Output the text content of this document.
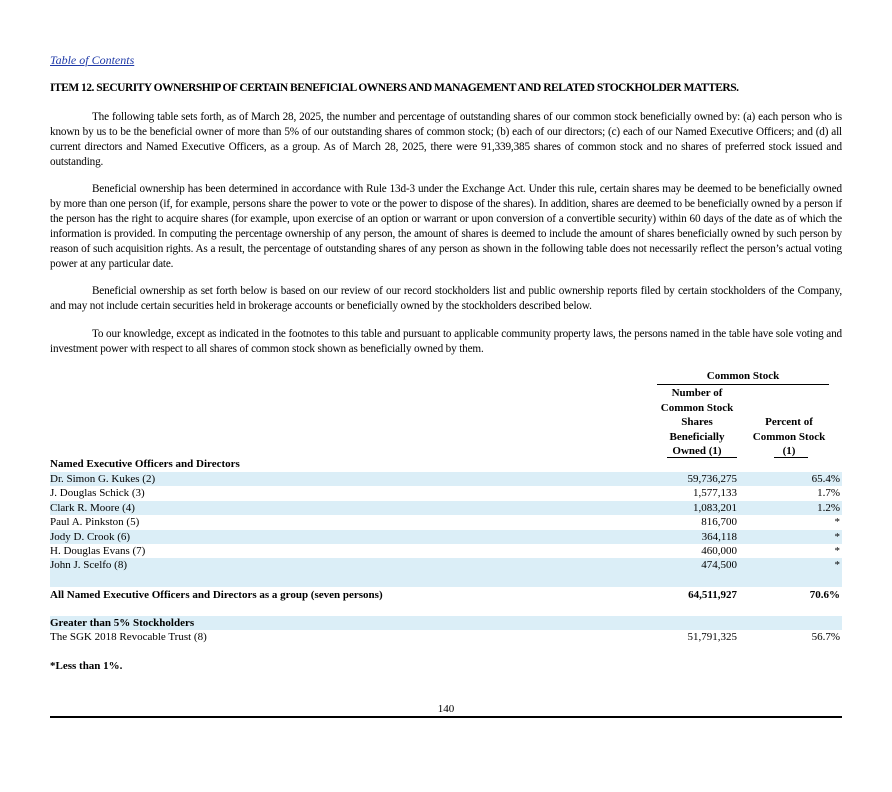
Table of Contents
ITEM 12. SECURITY OWNERSHIP OF CERTAIN BENEFICIAL OWNERS AND MANAGEMENT AND RELATED STOCKHOLDER MATTERS.

The following table sets forth, as of March 28, 2025, the number and percentage of outstanding shares of our common stock beneficially owned by: (a) each person who is known by us to be the beneficial owner of more than 5% of our outstanding shares of common stock; (b) each of our directors; (c) each of our Named Executive Officers; and (d) all current directors and Named Executive Officers, as a group. As of March 28, 2025, there were 91,339,385 shares of common stock and no shares of preferred stock issued and outstanding.

Beneficial ownership has been determined in accordance with Rule 13d-3 under the Exchange Act. Under this rule, certain shares may be deemed to be beneficially owned by more than one person (if, for example, persons share the power to vote or the power to dispose of the shares). In addition, shares are deemed to be beneficially owned by a person if the person has the right to acquire shares (for example, upon exercise of an option or warrant or upon conversion of a convertible security) within 60 days of the date as of which the information is provided. In computing the percentage ownership of any person, the amount of shares is deemed to include the amount of shares beneficially owned by such person by reason of such acquisition rights. As a result, the percentage of outstanding shares of any person as shown in the following table does not necessarily reflect the person’s actual voting power at any particular date.

Beneficial ownership as set forth below is based on our review of our record stockholders list and public ownership reports filed by certain stockholders of the Company, and may not include certain securities held in brokerage accounts or beneficially owned by the stockholders described below.

To our knowledge, except as indicated in the footnotes to this table and pursuant to applicable community property laws, the persons named in the table have sole voting and investment power with respect to all shares of common stock shown as beneficially owned by them.

Common Stock
Number of
Common Stock
Shares
Beneficially
Owned (1)
Percent of
Common Stock
(1)
Named Executive Officers and Directors
Dr. Simon G. Kukes (2)	59,736,275	65.4%
J. Douglas Schick (3)	1,577,133	1.7%
Clark R. Moore (4)	1,083,201	1.2%
Paul A. Pinkston (5)	816,700	*
Jody D. Crook (6)	364,118	*
H. Douglas Evans (7)	460,000	*
John J. Scelfo (8)	474,500	*
All Named Executive Officers and Directors as a group (seven persons)	64,511,927	70.6%
Greater than 5% Stockholders
The SGK 2018 Revocable Trust (8)	51,791,325	56.7%
*Less than 1%.
140
